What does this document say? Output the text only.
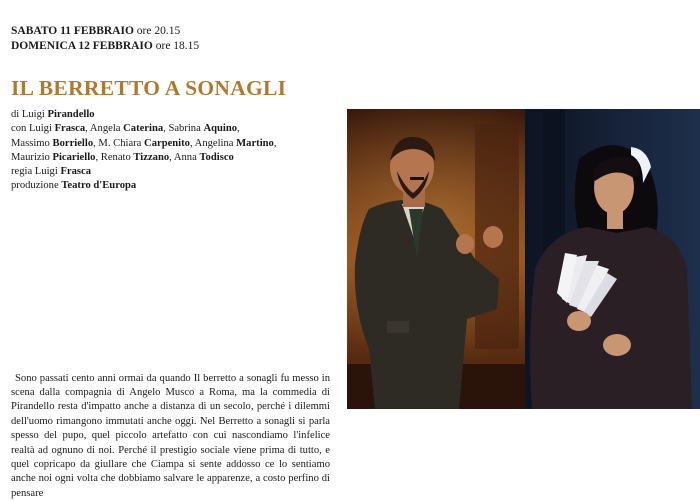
SABATO 11 FEBBRAIO ore 20.15
DOMENICA 12 FEBBRAIO ore 18.15
IL BERRETTO A SONAGLI
di Luigi Pirandello
con Luigi Frasca, Angela Caterina, Sabrina Aquino,
Massimo Borriello, M. Chiara Carpenito, Angelina Martino,
Maurizio Picariello, Renato Tizzano, Anna Todisco
regia Luigi Frasca
produzione Teatro d'Europa

Sono passati cento anni ormai da quando Il berretto a sonagli fu messo in scena dalla compagnia di Angelo Musco a Roma, ma la commedia di Pirandello resta d'impatto anche a distanza di un secolo, perché i dilemmi dell'uomo rimangono immutati anche oggi. Nel Berretto a sonagli si parla spesso del pupo, quel piccolo artefatto con cui nascondiamo l'infelice realtà ad ognuno di noi. Perché il prestigio sociale viene prima di tutto, e quel copricapo da giullare che Ciampa si sente addosso ce lo sentiamo anche noi ogni volta che dobbiamo salvare le apparenze, a costo perfino di pensare
